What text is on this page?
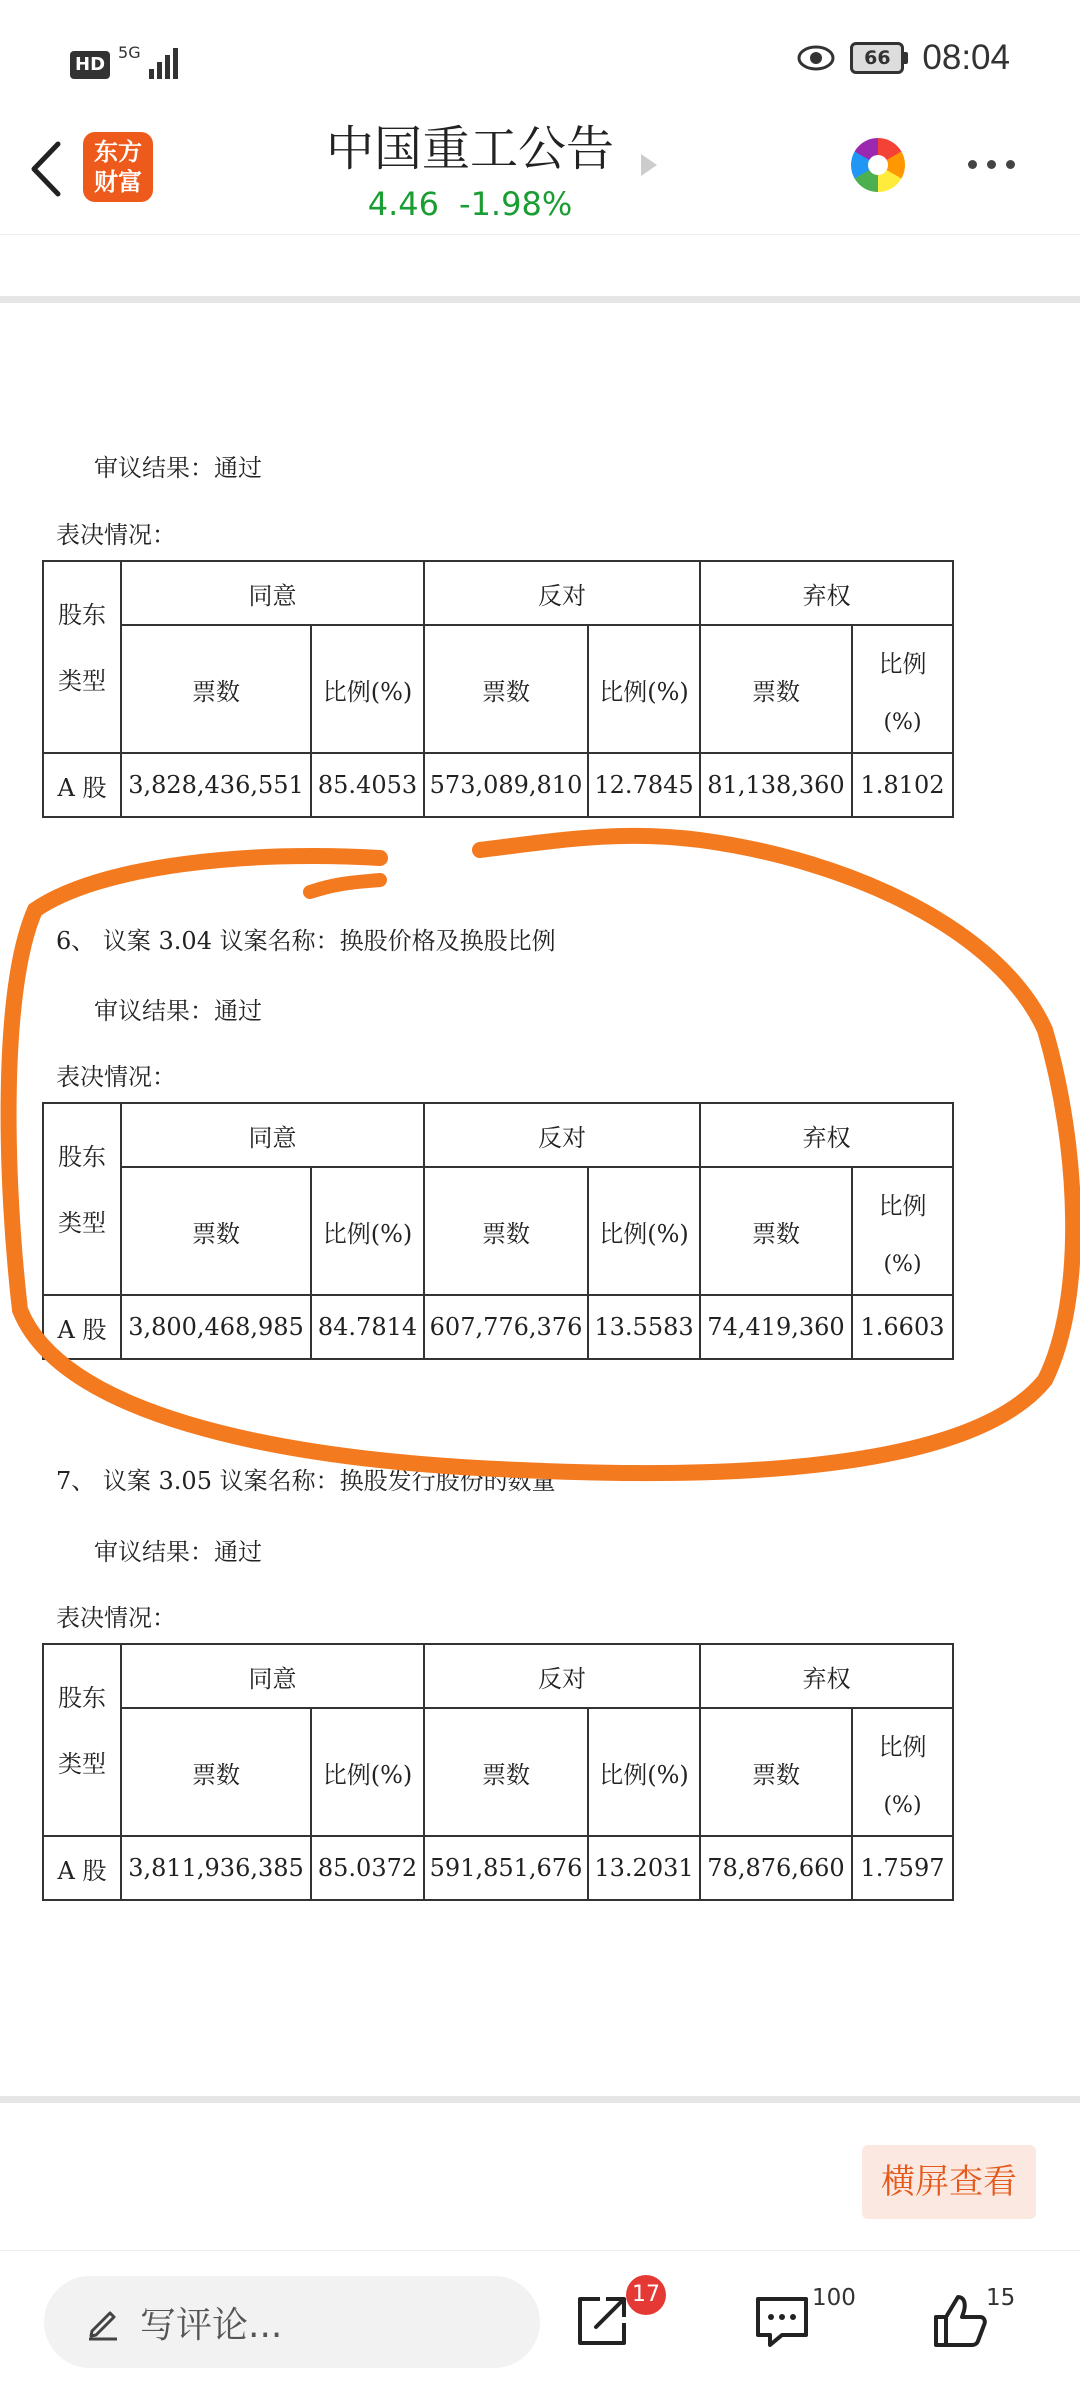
HD
5G	66 08:04
东方
财富
中国重工公告
4.46 -1.98%
审议结果：通过
表决情况：
股东
类型	同意		反对		弃权	
	票数	比例(%)	票数	比例(%)	票数	比例

(%)
A 股	3,828,436,551	85.4053	573,089,810	12.7845	81,138,360	1.8102
6、 议案 3.04 议案名称：换股价格及换股比例
审议结果：通过
表决情况：
股东
类型	同意		反对		弃权	
	票数	比例(%)	票数	比例(%)	票数	比例

(%)
A 股	3,800,468,985	84.7814	607,776,376	13.5583	74,419,360	1.6603
7、 议案 3.05 议案名称：换股发行股份的数量
审议结果：通过
表决情况：
股东
类型	同意		反对		弃权	
	票数	比例(%)	票数	比例(%)	票数	比例

(%)
A 股	3,811,936,385	85.0372	591,851,676	13.2031	78,876,660	1.7597
横屏查看
写评论...
17	100	15
